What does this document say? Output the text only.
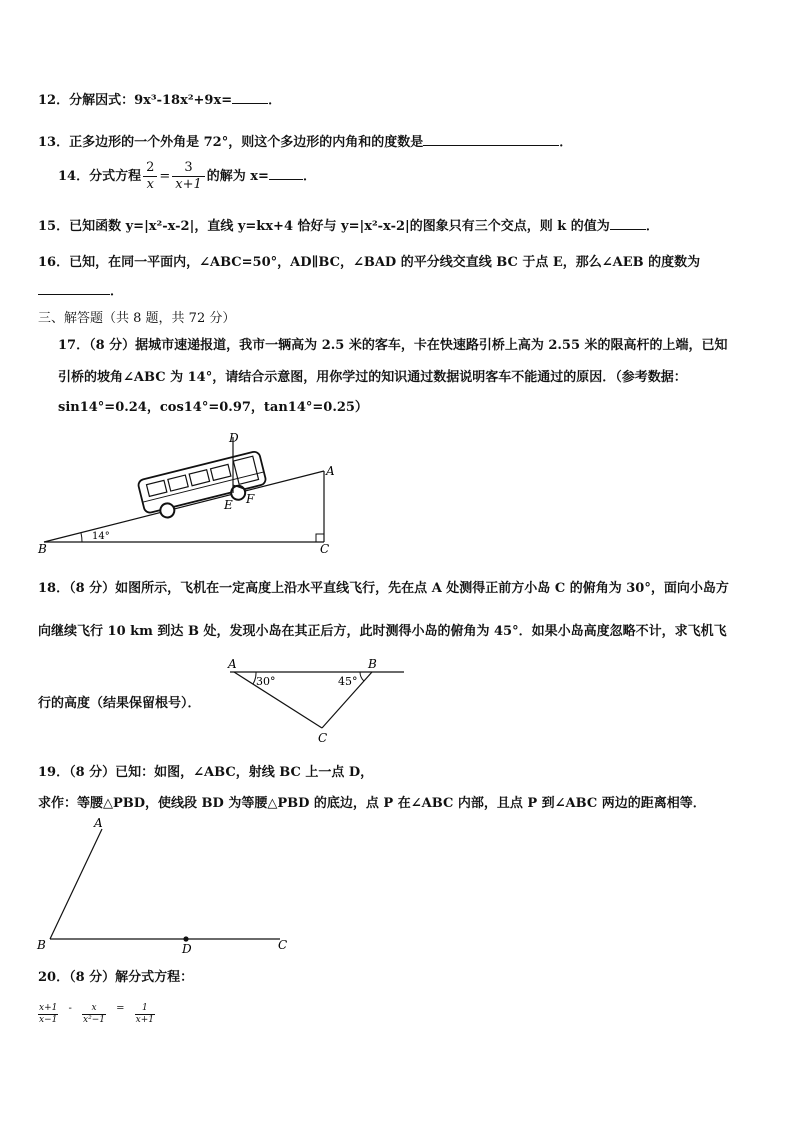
12．分解因式：9x³-18x²+9x=	．
13．正多边形的一个外角是 72°，则这个多边形的内角和的度数是	．
14．分式方程 $\frac{2}{x} = \frac{3}{x+1}$ 的解为 x=	．
15．已知函数 y=|x²-x-2|，直线 y=kx+4 恰好与 y=|x²-x-2|的图象只有三个交点，则 k 的值为	．
16．已知，在同一平面内，∠ABC=50°，AD∥BC，∠BAD 的平分线交直线 BC 于点 E，那么∠AEB 的度数为
．
三、解答题（共 8 题，共 72 分）
17．（8 分）据城市速递报道，我市一辆高为 2.5 米的客车，卡在快速路引桥上高为 2.55 米的限高杆的上端，已知
引桥的坡角∠ABC 为 14°，请结合示意图，用你学过的知识通过数据说明客车不能通过的原因．（参考数据：
sin14°=0.24，cos14°=0.97，tan14°=0.25）
D
E F
A
B	C
14°
18．（8 分）如图所示，飞机在一定高度上沿水平直线飞行，先在点 A 处测得正前方小岛 C 的俯角为 30°，面向小岛方
向继续飞行 10 km 到达 B 处，发现小岛在其正后方，此时测得小岛的俯角为 45°．如果小岛高度忽略不计，求飞机飞
行的高度（结果保留根号）．
A	B
C
30°	45°
19．（8 分）已知：如图，∠ABC，射线 BC 上一点 D，
求作：等腰△PBD，使线段 BD 为等腰△PBD 的底边，点 P 在∠ABC 内部，且点 P 到∠ABC 两边的距离相等．
A
B	C
D
20．（8 分）解分式方程：
$\frac{x+1}{x-1} ^- \frac{x}{\text{x²−1}} ^= \frac{1}{x+1}$
